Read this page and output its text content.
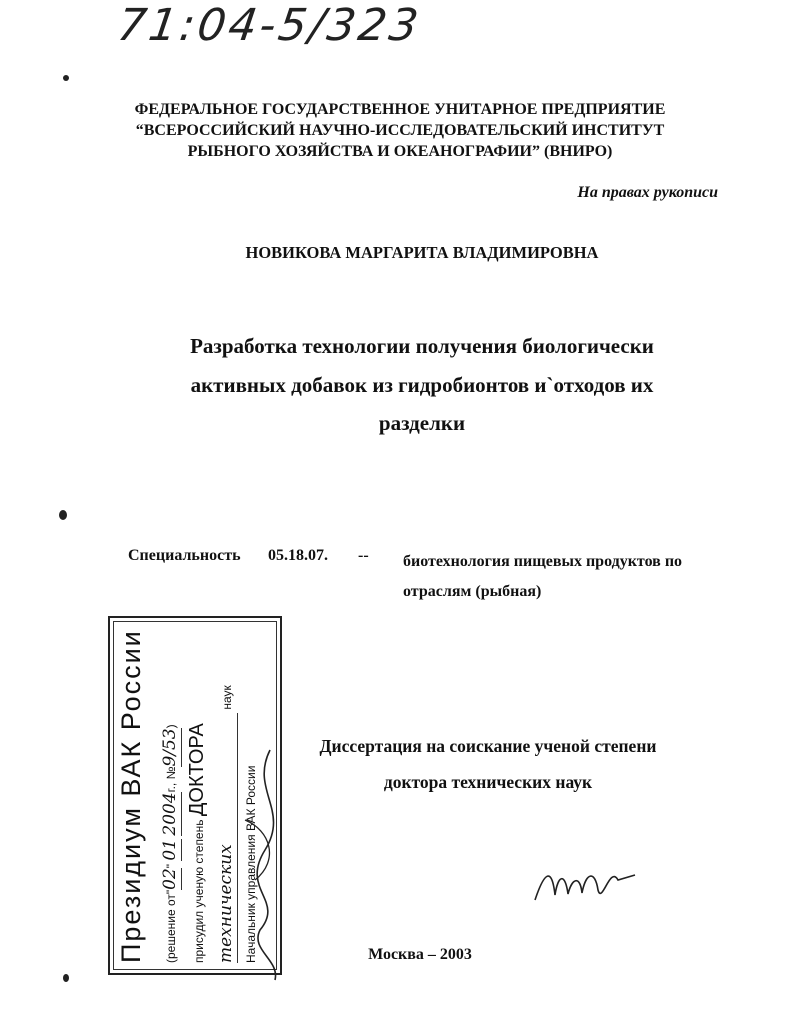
71:04-5/323
ФЕДЕРАЛЬНОЕ ГОСУДАРСТВЕННОЕ УНИТАРНОЕ ПРЕДПРИЯТИЕ
“ВСЕРОССИЙСКИЙ НАУЧНО-ИССЛЕДОВАТЕЛЬСКИЙ ИНСТИТУТ
РЫБНОГО ХОЗЯЙСТВА И ОКЕАНОГРАФИИ” (ВНИРО)
На правах рукописи
НОВИКОВА МАРГАРИТА ВЛАДИМИРОВНА
Разработка технологии получения биологически
активных добавок из гидробионтов и`отходов их
разделки
Специальность 05.18.07. -- биотехнология пищевых продуктов по
отраслям (рыбная)
Диссертация на соискание ученой степени
доктора технических наук
Москва – 2003
Президиум ВАК России	(решение от"02" 01 2004г., №9/53)
присудил ученую степень ДОКТОРА
технических наук
Начальник управления ВАК России
